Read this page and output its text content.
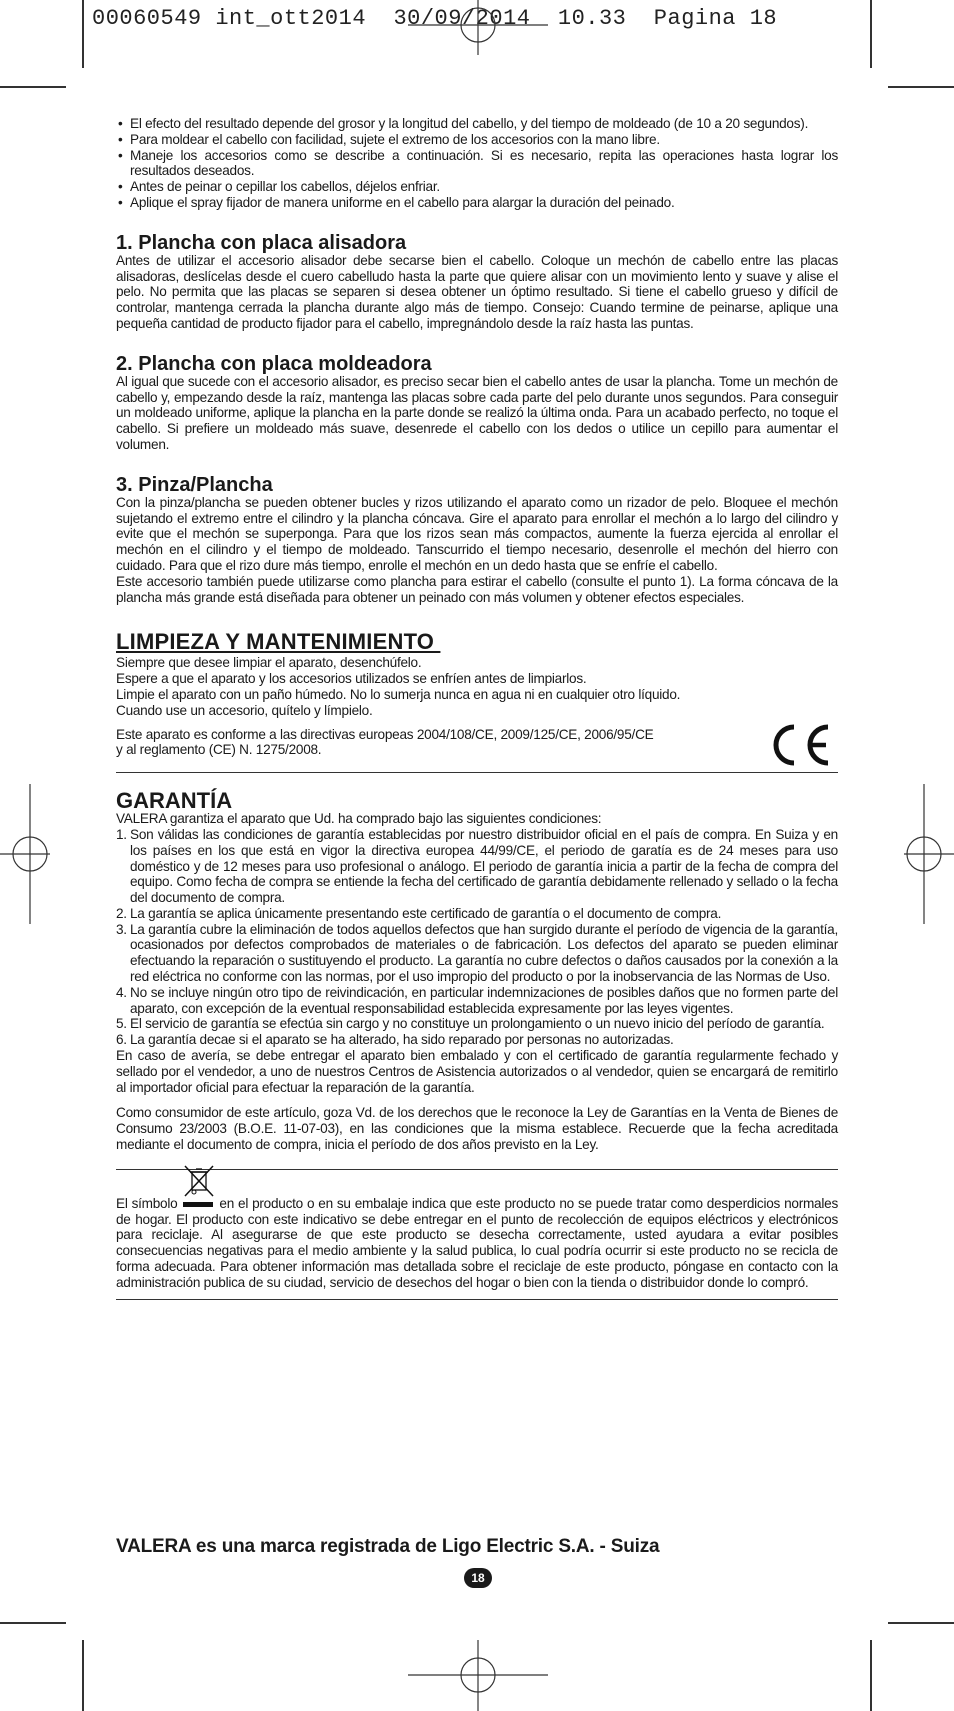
00060549 int_ott2014  30/09/2014  10.33  Pagina 18
• El efecto del resultado depende del grosor y la longitud del cabello, y del tiempo de moldeado (de 10 a 20 segundos).
• Para moldear el cabello con facilidad, sujete el extremo de los accesorios con la mano libre.
• Maneje los accesorios como se describe a continuación. Si es necesario, repita las operaciones hasta lograr los resultados deseados.
• Antes de peinar o cepillar los cabellos, déjelos enfriar.
• Aplique el spray fijador de manera uniforme en el cabello para alargar la duración del peinado.
1. Plancha con placa alisadora

Antes de utilizar el accesorio alisador debe secarse bien el cabello. Coloque un mechón de cabello entre las placas alisadoras, deslícelas desde el cuero cabelludo hasta la parte que quiere alisar con un movimiento lento y suave y alise el pelo. No permita que las placas se separen si desea obtener un óptimo resultado. Si tiene el cabello grueso y difícil de controlar, mantenga cerrada la plancha durante algo más de tiempo. Consejo: Cuando termine de peinarse, aplique una pequeña cantidad de producto fijador para el cabello, impregnándolo desde la raíz hasta las puntas.

2. Plancha con placa moldeadora

Al igual que sucede con el accesorio alisador, es preciso secar bien el cabello antes de usar la plancha. Tome un mechón de cabello y, empezando desde la raíz, mantenga las placas sobre cada parte del pelo durante unos segundos. Para conseguir un moldeado uniforme, aplique la plancha en la parte donde se realizó la última onda. Para un acabado perfecto, no toque el cabello. Si prefiere un moldeado más suave, desenrede el cabello con los dedos o utilice un cepillo para aumentar el volumen.

3. Pinza/Plancha

Con la pinza/plancha se pueden obtener bucles y rizos utilizando el aparato como un rizador de pelo. Bloquee el mechón sujetando el extremo entre el cilindro y la plancha cóncava. Gire el aparato para enrollar el mechón a lo largo del cilindro y evite que el mechón se superponga. Para que los rizos sean más compactos, aumente la fuerza ejercida al enrollar el mechón en el cilindro y el tiempo de moldeado. Tanscurrido el tiempo necesario, desenrolle el mechón del hierro con cuidado. Para que el rizo dure más tiempo, enrolle el mechón en un dedo hasta que se enfríe el cabello.

Este accesorio también puede utilizarse como plancha para estirar el cabello (consulte el punto 1). La forma cóncava de la plancha más grande está diseñada para obtener un peinado con más volumen y obtener efectos especiales.

LIMPIEZA Y MANTENIMIENTO

Siempre que desee limpiar el aparato, desenchúfelo.

Espere a que el aparato y los accesorios utilizados se enfríen antes de limpiarlos.

Limpie el aparato con un paño húmedo. No lo sumerja nunca en agua ni en cualquier otro líquido.

Cuando use un accesorio, quítelo y límpielo.

Este aparato es conforme a las directivas europeas 2004/108/CE, 2009/125/CE, 2006/95/CE

y al reglamento (CE) N. 1275/2008.

GARANTÍA

VALERA garantiza el aparato que Ud. ha comprado bajo las siguientes condiciones:

1. Son válidas las condiciones de garantía establecidas por nuestro distribuidor oficial en el país de compra. En Suiza y en los países en los que está en vigor la directiva europea 44/99/CE, el periodo de garatía es de 24 meses para uso doméstico y de 12 meses para uso profesional o análogo. El periodo de garantía inicia a partir de la fecha de compra del equipo. Como fecha de compra se entiende la fecha del certificado de garantía debidamente rellenado y sellado o la fecha del documento de compra.
2. La garantía se aplica únicamente presentando este certificado de garantía o el documento de compra.
3. La garantía cubre la eliminación de todos aquellos defectos que han surgido durante el período de vigencia de la garantía, ocasionados por defectos comprobados de materiales o de fabricación. Los defectos del aparato se pueden eliminar efectuando la reparación o sustituyendo el producto. La garantía no cubre defectos o daños causados por la conexión a la red eléctrica no conforme con las normas, por el uso impropio del producto o por la inobservancia de las Normas de Uso.
4. No se incluye ningún otro tipo de reivindicación, en particular indemnizaciones de posibles daños que no formen parte del aparato, con excepción de la eventual responsabilidad establecida expresamente por las leyes vigentes.
5. El servicio de garantía se efectúa sin cargo y no constituye un prolongamiento o un nuevo inicio del período de garantía.
6. La garantía decae si el aparato se ha alterado, ha sido reparado por personas no autorizadas.

En caso de avería, se debe entregar el aparato bien embalado y con el certificado de garantía regularmente fechado y sellado por el vendedor, a uno de nuestros Centros de Asistencia autorizados o al vendedor, quien se encargará de remitirlo al importador oficial para efectuar la reparación de la garantía.

Como consumidor de este artículo, goza Vd. de los derechos que le reconoce la Ley de Garantías en la Venta de Bienes de Consumo 23/2003 (B.O.E. 11-07-03), en las condiciones que la misma establece. Recuerde que la fecha acreditada mediante el documento de compra, inicia el período de dos años previsto en la Ley.

El símbolo	en el producto o en su embalaje indica que este producto no se puede tratar como desperdicios normales de hogar. El producto con este indicativo se debe entregar en el punto de recolección de equipos eléctricos y electrónicos para reciclaje. Al asegurarse de que este producto se desecha correctamente, usted ayudara a evitar posibles consecuencias negativas para el medio ambiente y la salud publica, lo cual podría ocurrir si este producto no se recicla de forma adecuada. Para obtener información mas detallada sobre el reciclaje de este producto, póngase en contacto con la administración publica de su ciudad, servicio de desechos del hogar o bien con la tienda o distribuidor donde lo compró.

VALERA es una marca registrada de Ligo Electric S.A. - Suiza
18
